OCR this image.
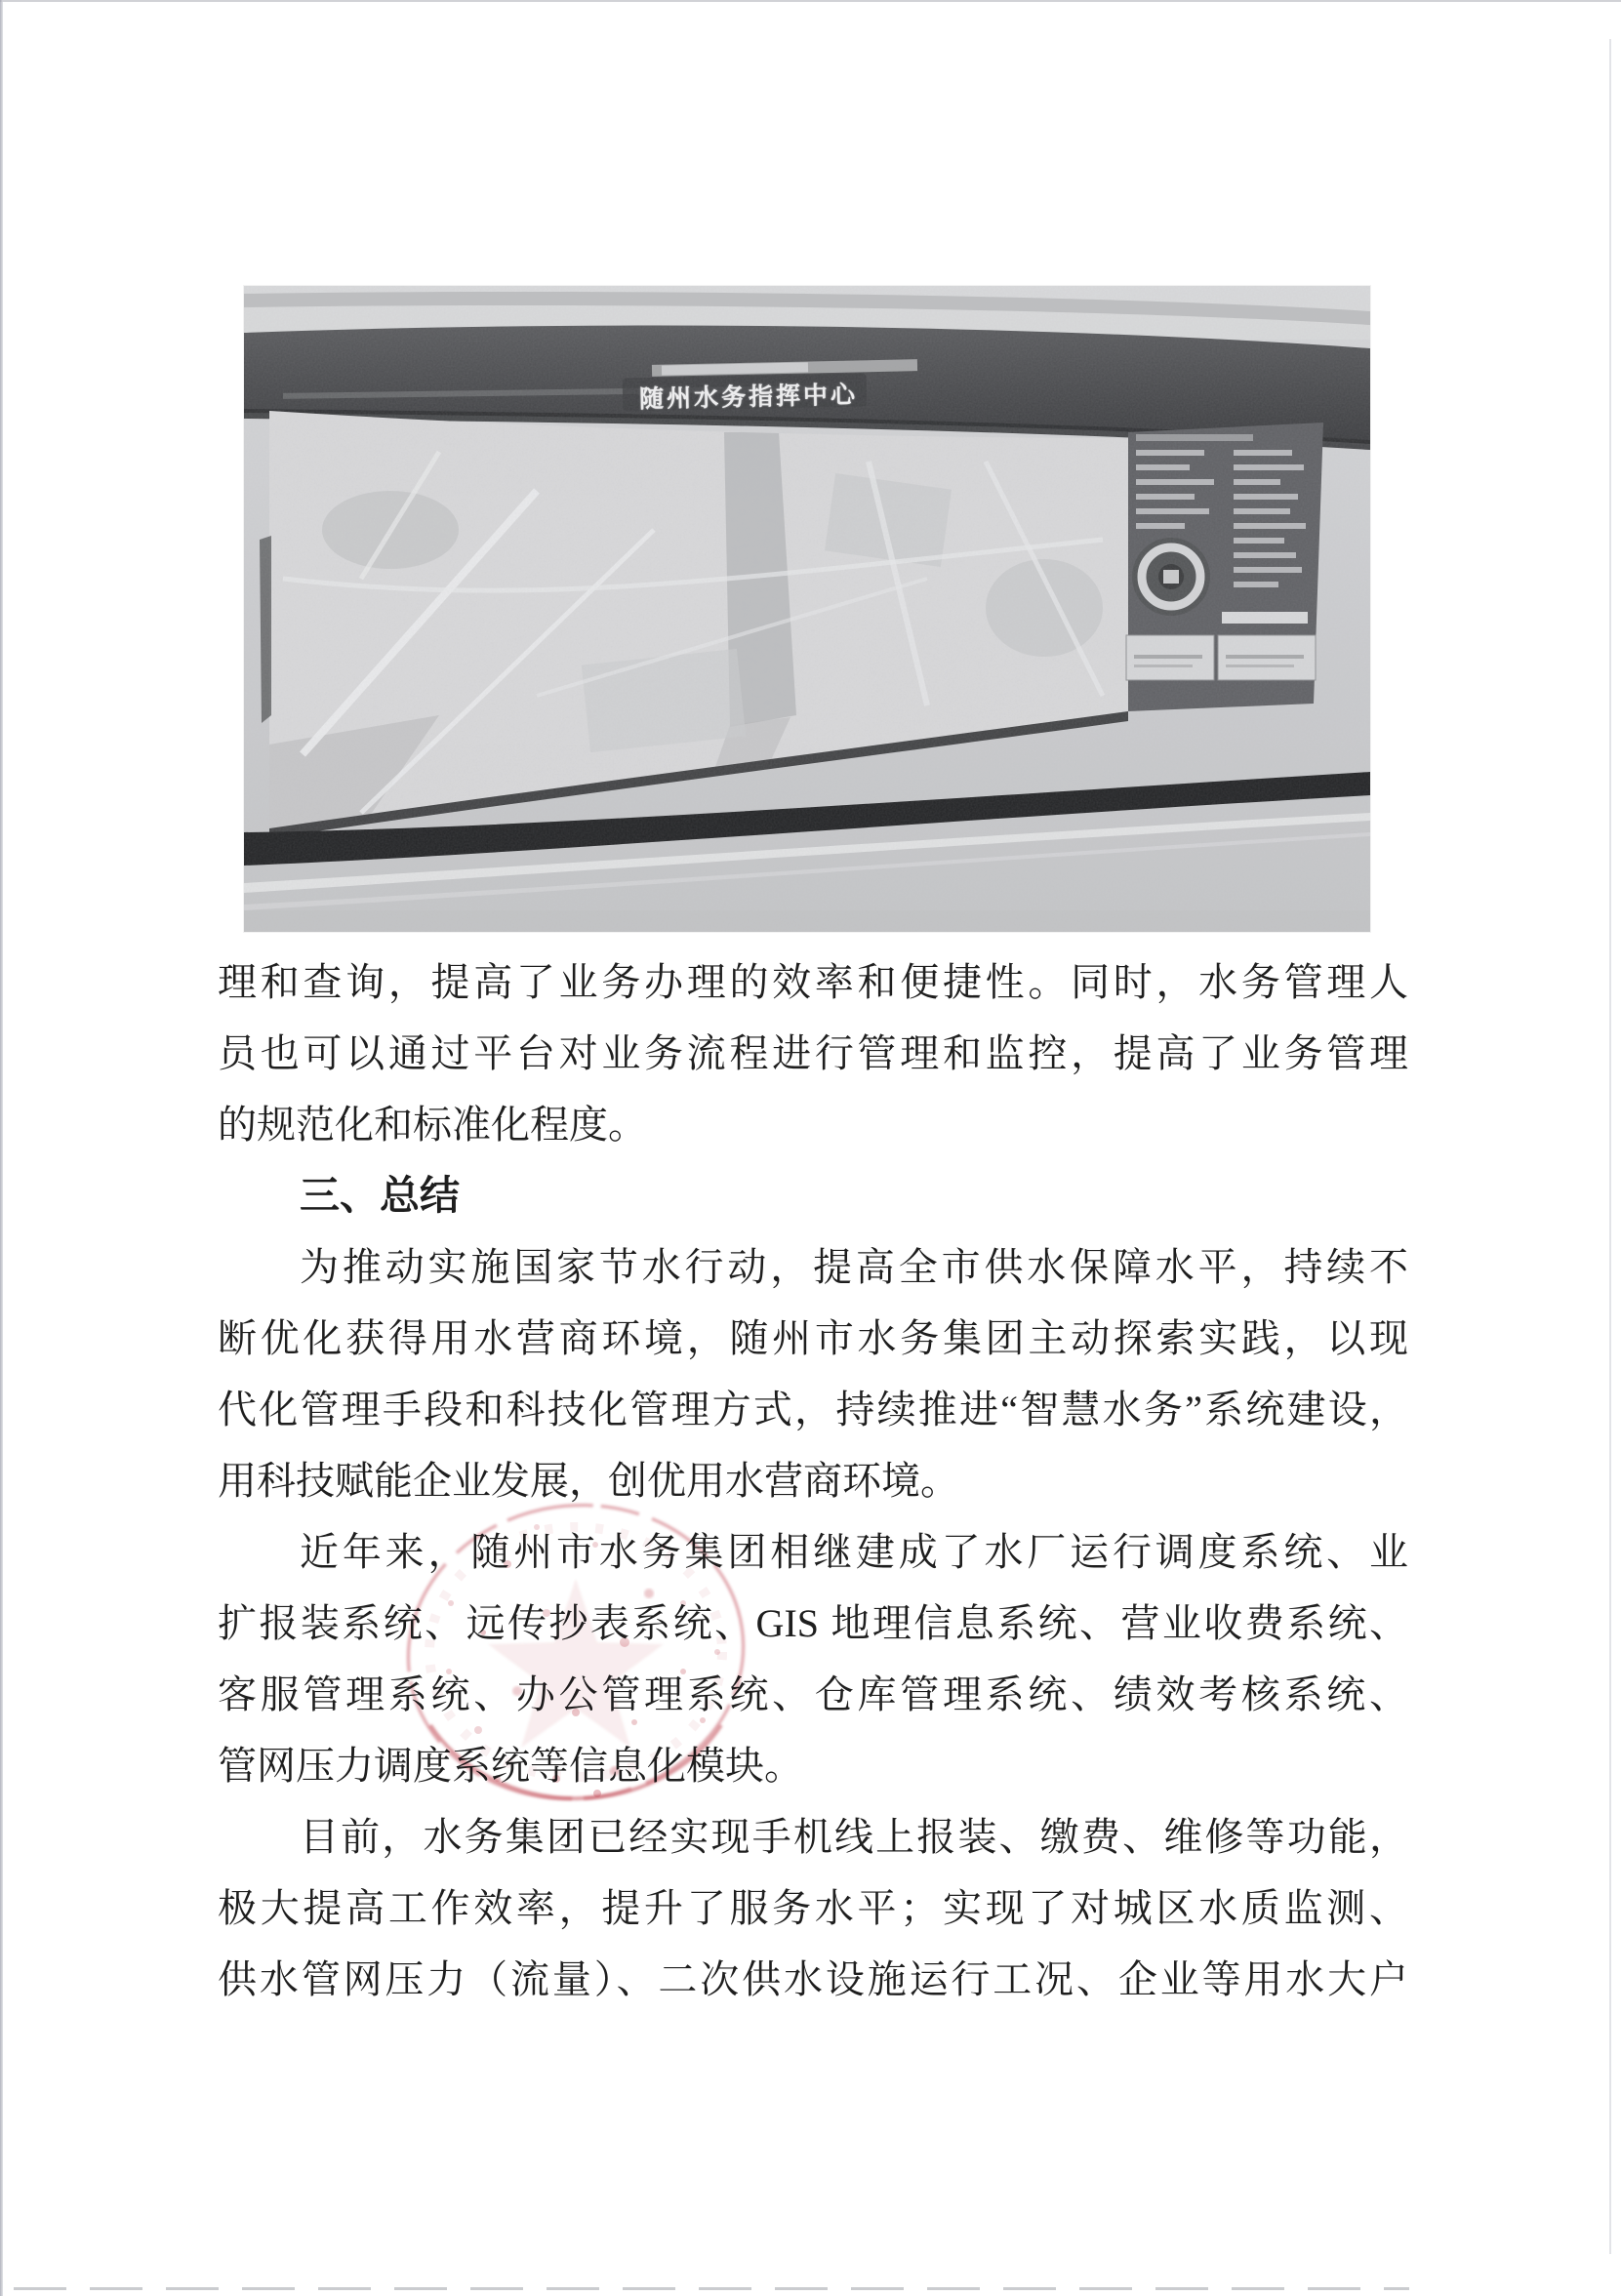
随州水务指挥中心
理和查询，提高了业务办理的效率和便捷性。同时，水务管理人
员也可以通过平台对业务流程进行管理和监控，提高了业务管理
的规范化和标准化程度。
三、总结
为推动实施国家节水行动，提高全市供水保障水平，持续不
断优化获得用水营商环境，随州市水务集团主动探索实践，以现
代化管理手段和科技化管理方式，持续推进“智慧水务”系统建设，
用科技赋能企业发展，创优用水营商环境。
近年来，随州市水务集团相继建成了水厂运行调度系统、业
扩报装系统、远传抄表系统、GIS 地理信息系统、营业收费系统、
客服管理系统、办公管理系统、仓库管理系统、绩效考核系统、
管网压力调度系统等信息化模块。
目前，水务集团已经实现手机线上报装、缴费、维修等功能，
极大提高工作效率，提升了服务水平；实现了对城区水质监测、
供水管网压力（流量）、二次供水设施运行工况、企业等用水大户
